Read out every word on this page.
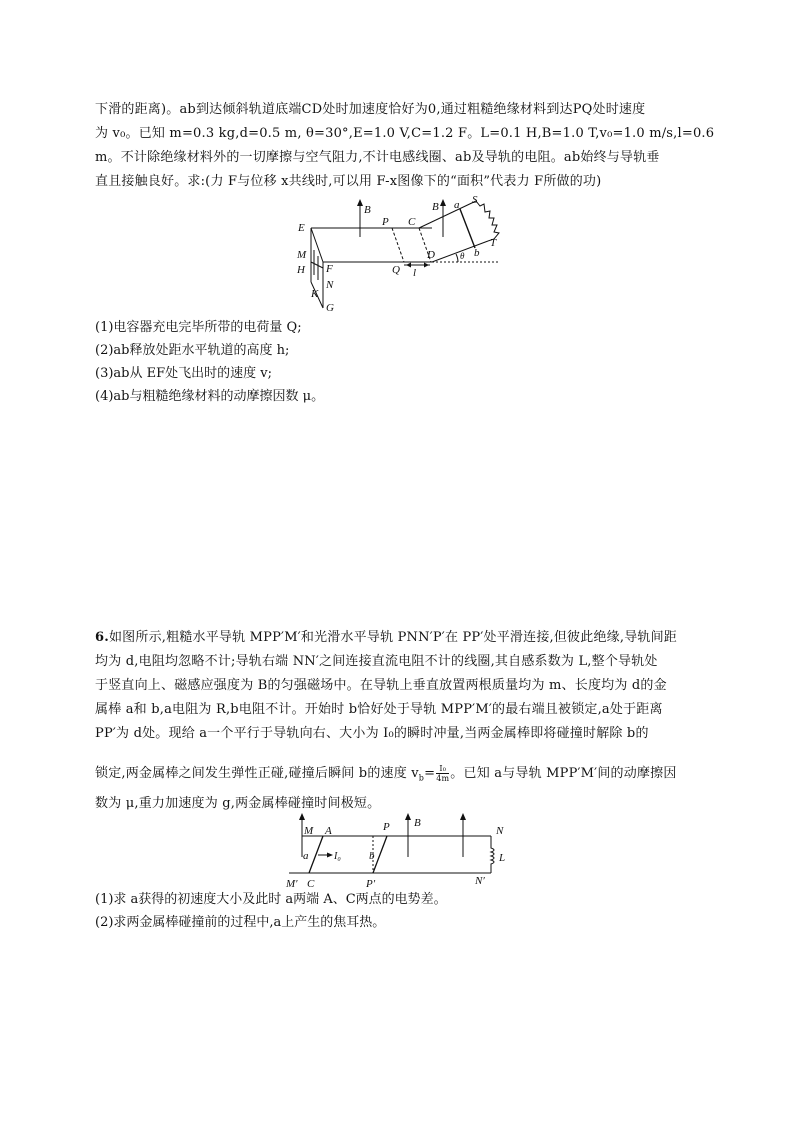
下滑的距离)。ab到达倾斜轨道底端CD处时加速度恰好为0,通过粗糙绝缘材料到达PQ处时速度
为 v₀。已知 m=0.3 kg,d=0.5 m, θ=30°,E=1.0 V,C=1.2 F。L=0.1 H,B=1.0 T,v₀=1.0 m/s,l=0.6
m。不计除绝缘材料外的一切摩擦与空气阻力,不计电感线圈、ab及导轨的电阻。ab始终与导轨垂
直且接触良好。求:(力 F与位移 x共线时,可以用 F-x图像下的“面积”代表力 F所做的功)
E
B
P C
B a S
T
b
D	θ
Q l
M
H F
N
K
G
(1)电容器充电完毕所带的电荷量 Q;
(2)ab释放处距水平轨道的高度 h;
(3)ab从 EF处飞出时的速度 v;
(4)ab与粗糙绝缘材料的动摩擦因数 μ。
6.如图所示,粗糙水平导轨 MPP′M′和光滑水平导轨 PNN′P′在 PP′处平滑连接,但彼此绝缘,导轨间距
均为 d,电阻均忽略不计;导轨右端 NN′之间连接直流电阻不计的线圈,其自感系数为 L,整个导轨处
于竖直向上、磁感应强度为 B的匀强磁场中。在导轨上垂直放置两根质量均为 m、长度均为 d的金
属棒 a和 b,a电阻为 R,b电阻不计。开始时 b恰好处于导轨 MPP′M′的最右端且被锁定,a处于距离
PP′为 d处。现给 a一个平行于导轨向右、大小为 I₀的瞬时冲量,当两金属棒即将碰撞时解除 b的
锁定,两金属棒之间发生弹性正碰,碰撞后瞬间 b的速度 $v_b= \frac{\text{I₀}}{4m}$ 。已知 a与导轨 MPP′M′间的动摩擦因
数为 μ,重力加速度为 g,两金属棒碰撞时间极短。
M A	P B
N
a	I₀	b	L
M′ C	P′	N′
(1)求 a获得的初速度大小及此时 a两端 A、C两点的电势差。
(2)求两金属棒碰撞前的过程中,a上产生的焦耳热。
